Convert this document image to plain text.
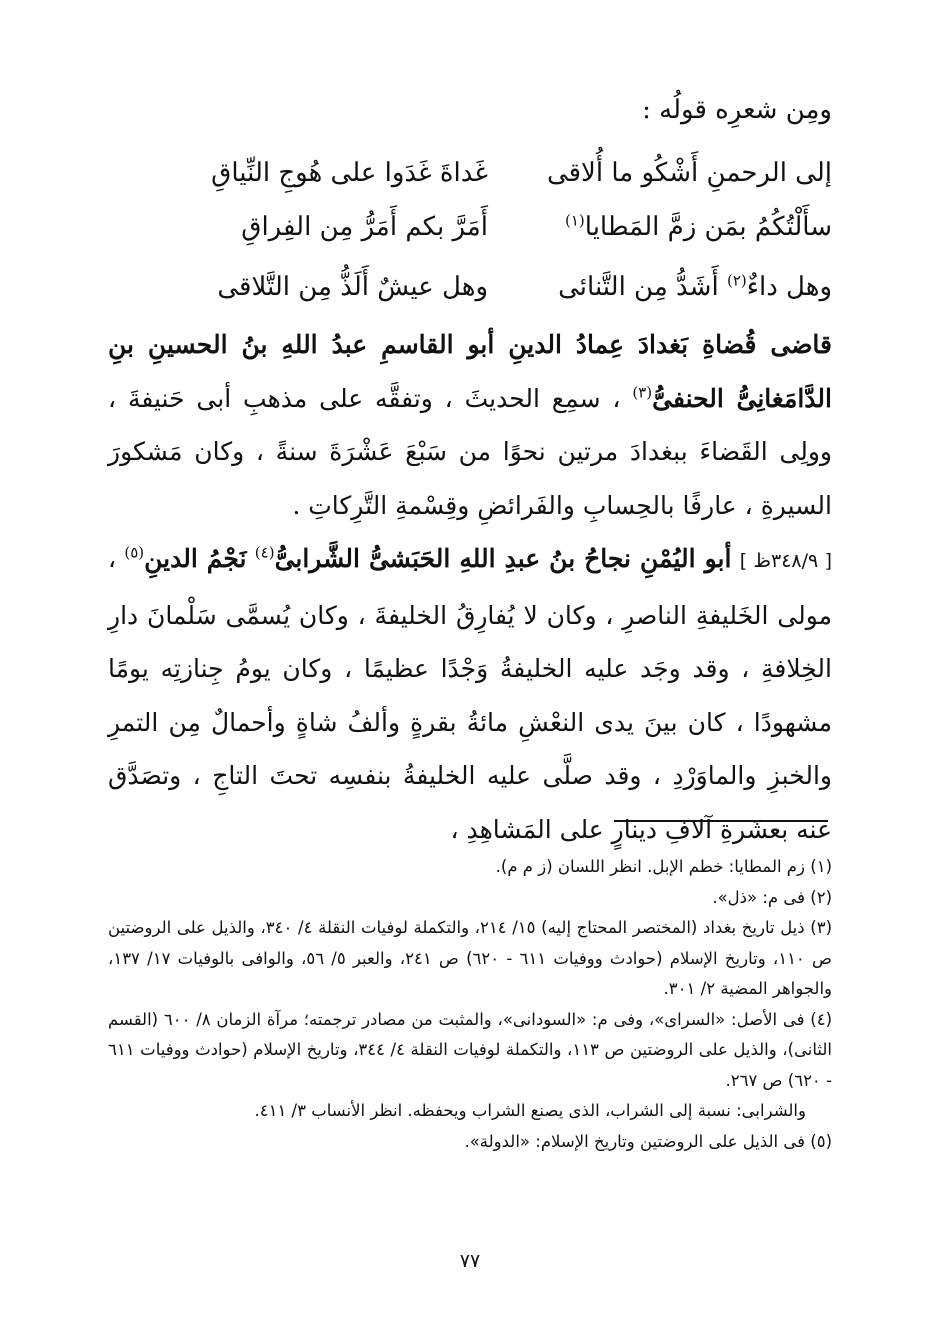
ومِن شعرِه قولُه :
إلى الرحمنِ أَشْكُو ما أُلاقى
غَداةَ غَدَوا على هُوجِ النِّياقِ
سأَلْتُكُمُ بمَن زمَّ المَطايا$^{(١)}$
أَمَرَّ بكم أَمَرُّ مِن الفِراقِ
وهل داءٌ$^{(٢)}$ أَشَدُّ مِن التَّنائى
وهل عيشٌ أَلَذُّ مِن التَّلاقى

قاضى قُضاةِ بَغدادَ عِمادُ الدينِ أبو القاسمِ عبدُ اللهِ بنُ الحسينِ بنِ الدَّامَغانِىُّ الحنفىُّ$^{(٣)}$ ، سمِع الحديثَ ، وتفقَّه على مذهبِ أبى حَنيفةَ ، وولِى القَضاءَ ببغدادَ مرتين نحوًا من سَبْعَ عَشْرَةَ سنةً ، وكان مَشكورَ السيرةِ ، عارفًا بالحِسابِ والفَرائضِ وقِسْمةِ التَّرِكاتِ .

[ ٣٤٨/٩ظ ] أبو اليُمْنِ نجاحُ بنُ عبدِ اللهِ الحَبَشىُّ الشَّرابىُّ$^{(٤)}$ نَجْمُ الدينِ$^{(٥)}$ ، مولى الخَليفةِ الناصرِ ، وكان لا يُفارِقُ الخليفةَ ، وكان يُسمَّى سَلْمانَ دارِ الخِلافةِ ، وقد وجَد عليه الخليفةُ وَجْدًا عظيمًا ، وكان يومُ جِنازتِه يومًا مشهودًا ، كان بينَ يدى النعْشِ مائةُ بقرةٍ وألفُ شاةٍ وأحمالٌ مِن التمرِ والخبزِ والماوَرْدِ ، وقد صلَّى عليه الخليفةُ بنفسِه تحتَ التاجِ ، وتصَدَّق عنه بعشَرةِ آلافِ دينارٍ على المَشاهِدِ ،

(١) زم المطايا: خطم الإبل. انظر اللسان (ز م م).

(٢) فى م: «ذل».

(٣) ذيل تاريخ بغداد (المختصر المحتاج إليه) ١٥/ ٢١٤، والتكملة لوفيات النقلة ٤/ ٣٤٠، والذيل على الروضتين ص ١١٠، وتاريخ الإسلام (حوادث ووفيات ٦١١ - ٦٢٠) ص ٢٤١، والعبر ٥/ ٥٦، والوافى بالوفيات ١٧/ ١٣٧، والجواهر المضية ٢/ ٣٠١.

(٤) فى الأصل: «السراى»، وفى م: «السودانى»، والمثبت من مصادر ترجمته؛ مرآة الزمان ٨/ ٦٠٠ (القسم الثانى)، والذيل على الروضتين ص ١١٣، والتكملة لوفيات النقلة ٤/ ٣٤٤، وتاريخ الإسلام (حوادث ووفيات ٦١١ - ٦٢٠) ص ٢٦٧.

والشرابى: نسبة إلى الشراب، الذى يصنع الشراب ويحفظه. انظر الأنساب ٣/ ٤١١.

(٥) فى الذيل على الروضتين وتاريخ الإسلام: «الدولة».

٧٧
